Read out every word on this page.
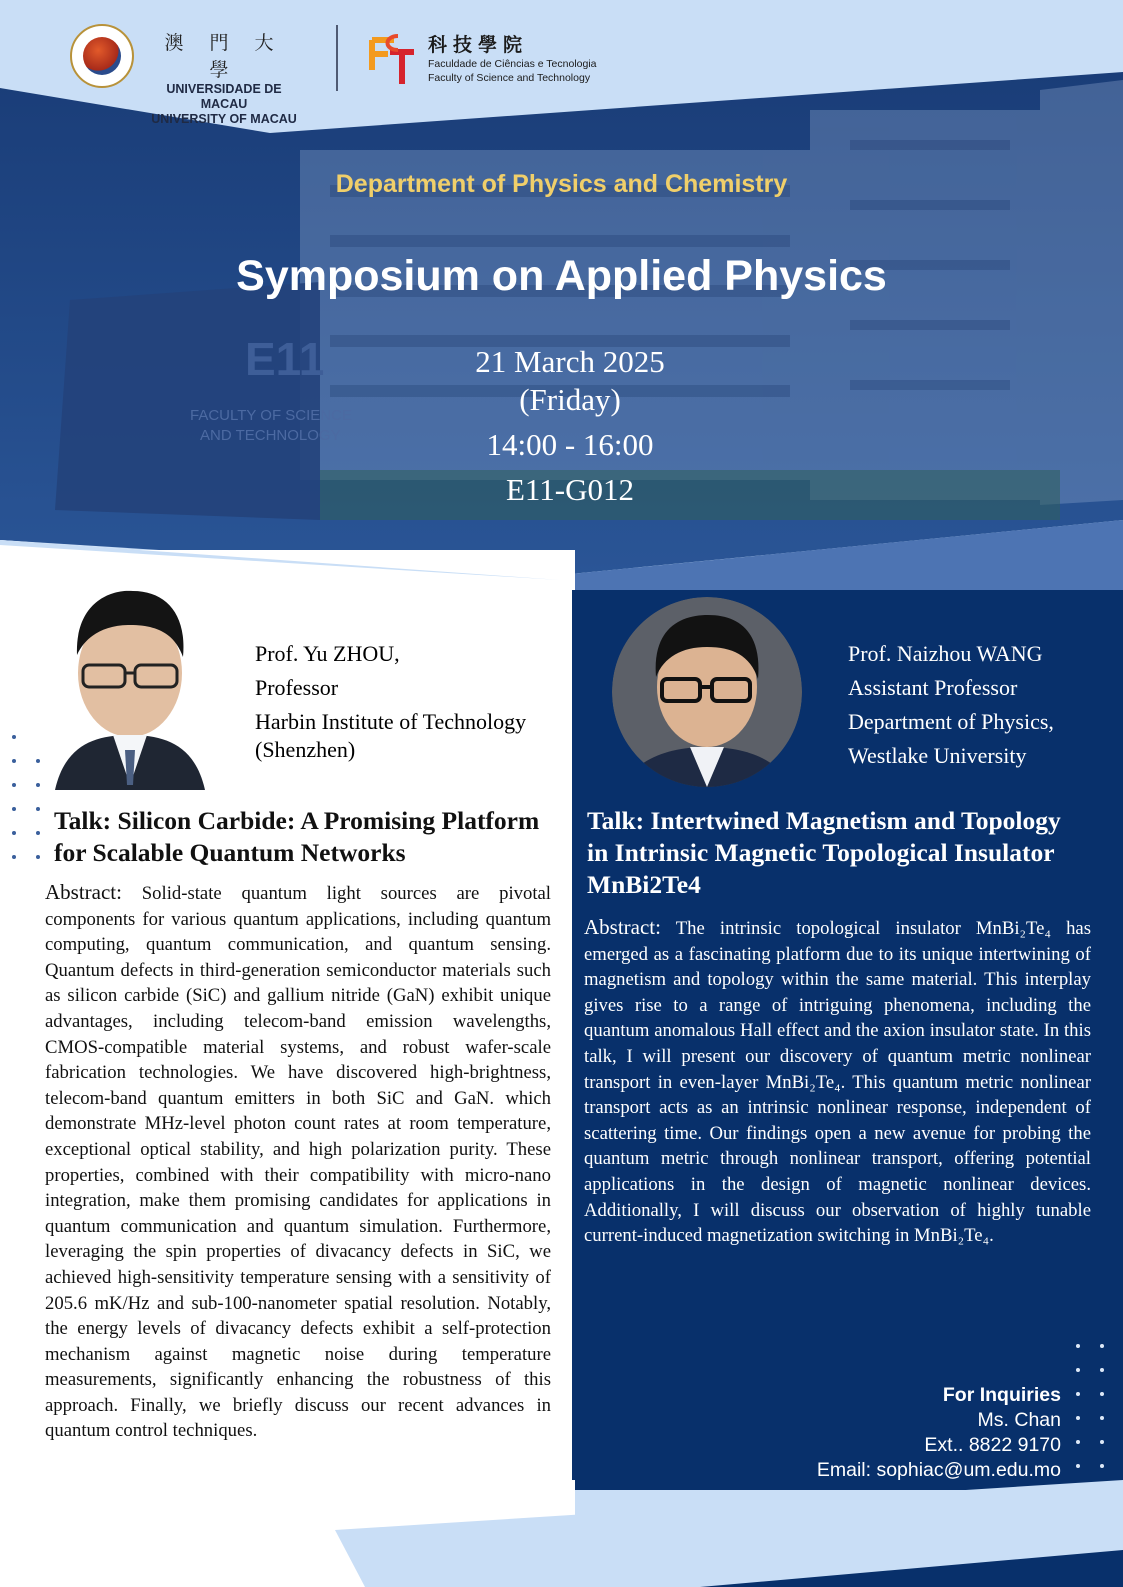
E11
FACULTY OF SCIENCE
AND TECHNOLOGY
澳 門 大 學
UNIVERSIDADE DE MACAU
UNIVERSITY OF MACAU
科技學院
Faculdade de Ciências e Tecnologia
Faculty of Science and Technology
Department of Physics and Chemistry
Symposium on Applied Physics
21 March 2025
(Friday)
14:00 - 16:00
E11-G012
Prof. Yu ZHOU,
Professor
Harbin Institute of Technology
(Shenzhen)
Talk: Silicon Carbide: A Promising Platform
for Scalable Quantum Networks
Abstract: Solid-state quantum light sources are pivotal components for various quantum applications, including quantum computing, quantum communication, and quantum sensing. Quantum defects in third-generation semiconductor materials such as silicon carbide (SiC) and gallium nitride (GaN) exhibit unique advantages, including telecom-band emission wavelengths, CMOS-compatible material systems, and robust wafer-scale fabrication technologies. We have discovered high-brightness, telecom-band quantum emitters in both SiC and GaN. which demonstrate MHz-level photon count rates at room temperature, exceptional optical stability, and high polarization purity. These properties, combined with their compatibility with micro-nano integration, make them promising candidates for applications in quantum communication and quantum simulation. Furthermore, leveraging the spin properties of divacancy defects in SiC, we achieved high-sensitivity temperature sensing with a sensitivity of 205.6 mK/Hz and sub-100-nanometer spatial resolution. Notably, the energy levels of divacancy defects exhibit a self-protection mechanism against magnetic noise during temperature measurements, significantly enhancing the robustness of this approach. Finally, we briefly discuss our recent advances in quantum control techniques.
Prof. Naizhou WANG
Assistant Professor
Department of Physics,
Westlake University
Talk: Intertwined Magnetism and Topology
in Intrinsic Magnetic Topological Insulator
MnBi2Te4
Abstract: The intrinsic topological insulator MnBi₂Te₄ has emerged as a fascinating platform due to its unique intertwining of magnetism and topology within the same material. This interplay gives rise to a range of intriguing phenomena, including the quantum anomalous Hall effect and the axion insulator state. In this talk, I will present our discovery of quantum metric nonlinear transport in even-layer MnBi₂Te₄. This quantum metric nonlinear transport acts as an intrinsic nonlinear response, independent of scattering time. Our findings open a new avenue for probing the quantum metric through nonlinear transport, offering potential applications in the design of magnetic nonlinear devices. Additionally, I will discuss our observation of highly tunable current-induced magnetization switching in MnBi₂Te₄.
For Inquiries
Ms. Chan
Ext.. 8822 9170
Email: sophiac@um.edu.mo
